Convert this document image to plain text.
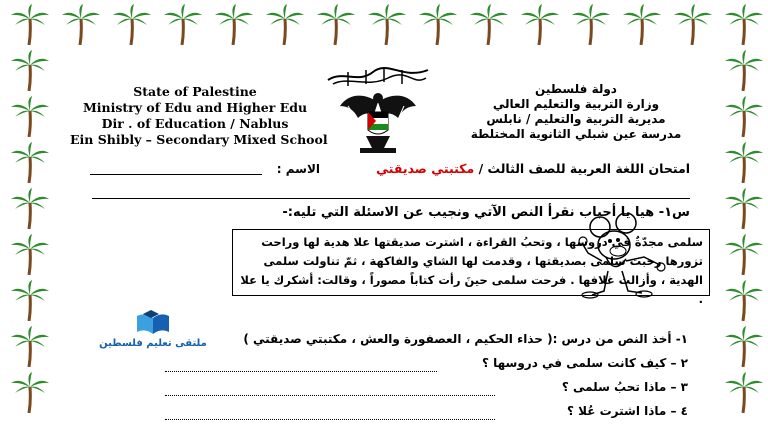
State of Palestine
Ministry of Edu and Higher Edu
Dir . of Education / Nablus
Ein Shibly – Secondary Mixed School
دولة فلسطين
وزارة التربية والتعليم العالي
مديرية التربية والتعليم / نابلس
مدرسة عين شبلي الثانوية المختلطة
الاسم :	امتحان اللغة العربية للصف الثالث / مكتبتي صديقتي
س١- هيا يا أحباب نقرأ النص الآتي ونجيب عن الاسئلة التي تليه:-
سلمى مجدّةٌ في دروسها ، وتحبُ القراءة ، اشترت صديقتها علا هدية لها وراحت تزورها رحبت سلمى بصديقتها ، وقدمت لها الشاي والفاكهة ، ثمّ تناولت سلمى الهدية ، وأزالت غلافها . فرحت سلمى حينَ رأت كتاباً مصوراً ، وقالت: أشكرك يا علا .
ملتقى تعليم فلسطين	١- أخذ النص من درس :( حذاء الحكيم ، العصفورة والعش ، مكتبتي صديقتي )
٢ – كيف كانت سلمى في دروسها ؟
٣ – ماذا تحبُ سلمى ؟
٤ – ماذا اشترت عُلا ؟
